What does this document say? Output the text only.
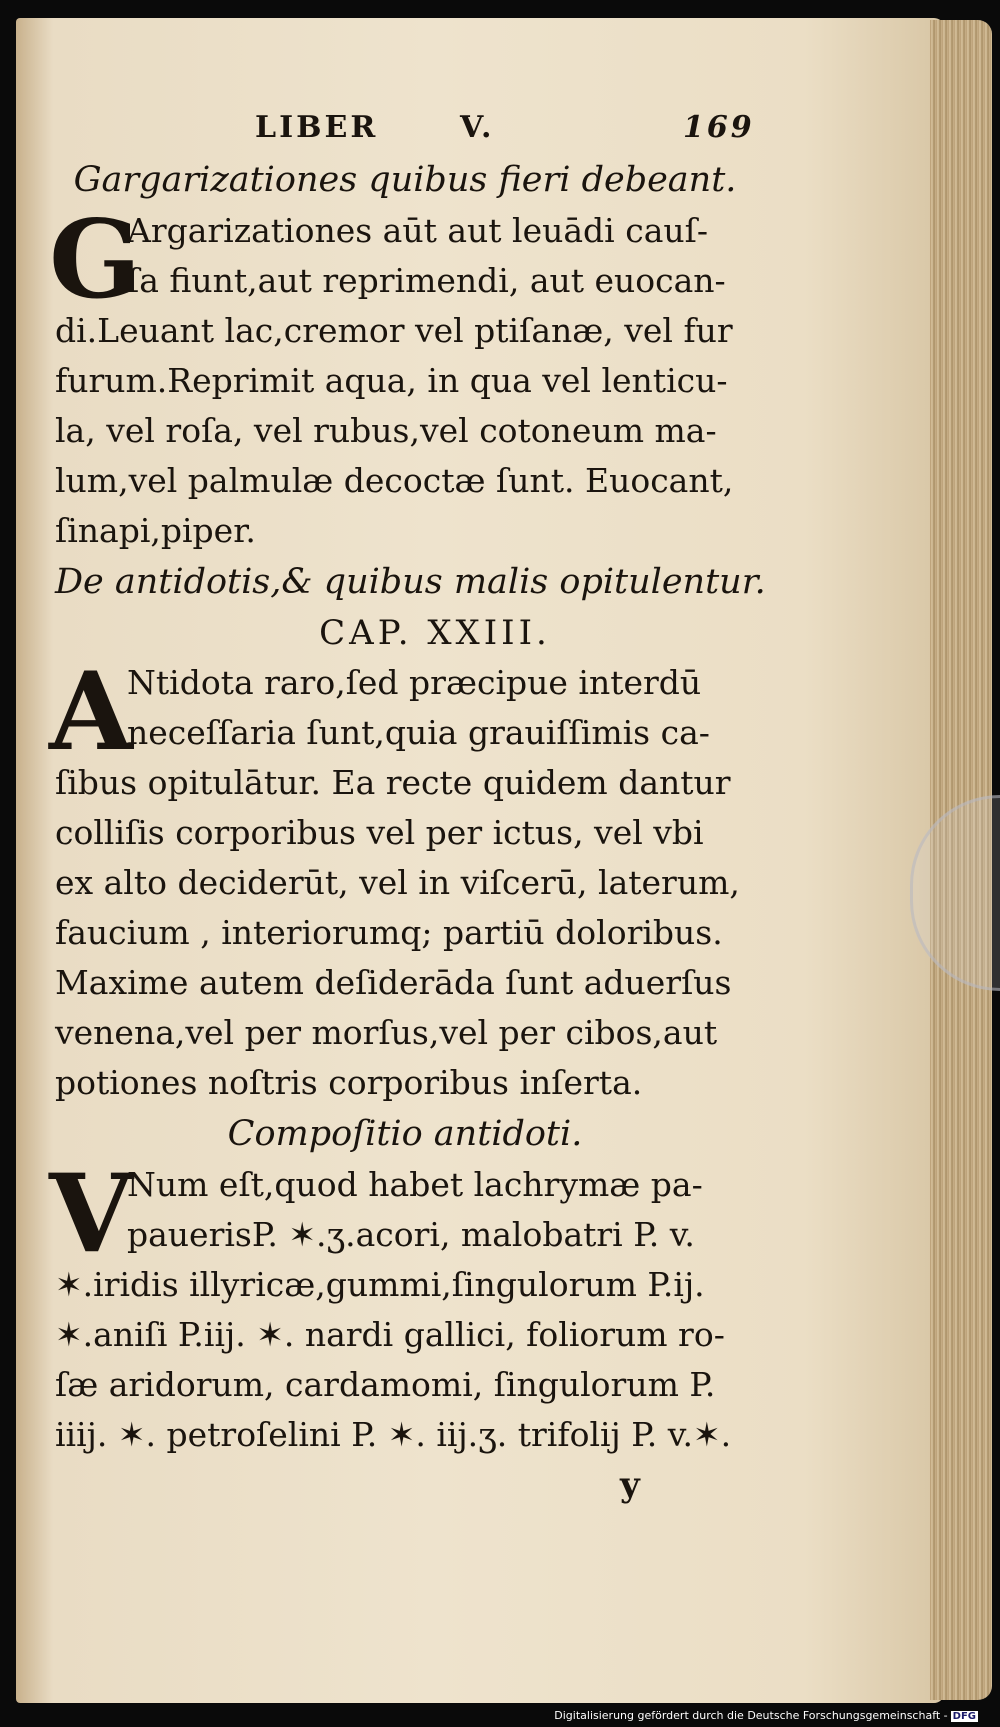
LIBER	V.	169
Gargarizationes quibus fieri debeant.
G
Argarizationes aūt aut leuādi cauſ-
ſa fiunt,aut reprimendi, aut euocan-
di.Leuant lac,cremor vel ptiſanæ, vel fur
furum.Reprimit aqua, in qua vel lenticu-
la, vel roſa, vel rubus,vel cotoneum ma-
lum,vel palmulæ decoctæ ſunt. Euocant,
ſinapi,piper.
De antidotis,& quibus malis opitulentur.
CAP. XXIII.
A
Ntidota raro,ſed præcipue interdū
neceſſaria ſunt,quia grauiſſimis ca-
ſibus opitulātur. Ea recte quidem dantur
colliſis corporibus vel per ictus, vel vbi
ex alto deciderūt, vel in viſcerū, laterum,
faucium , interiorumq; partiū doloribus.
Maxime autem deſiderāda ſunt aduerſus
venena,vel per morſus,vel per cibos,aut
potiones noſtris corporibus inſerta.
Compoſitio antidoti.
V
Num eſt,quod habet lachrymæ pa-
pauerisP. ✶.ʒ.acori, malobatri P. v.
✶.iridis illyricæ,gummi,ſingulorum P.ij.
✶.aniſi P.iij. ✶. nardi gallici, foliorum ro-
ſæ aridorum, cardamomi, ſingulorum P.
iiij. ✶. petroſelini P. ✶. iij.ʒ. trifolij P. v.✶.
y
Digitalisierung gefördert durch die Deutsche Forschungsgemeinschaft - DFG
